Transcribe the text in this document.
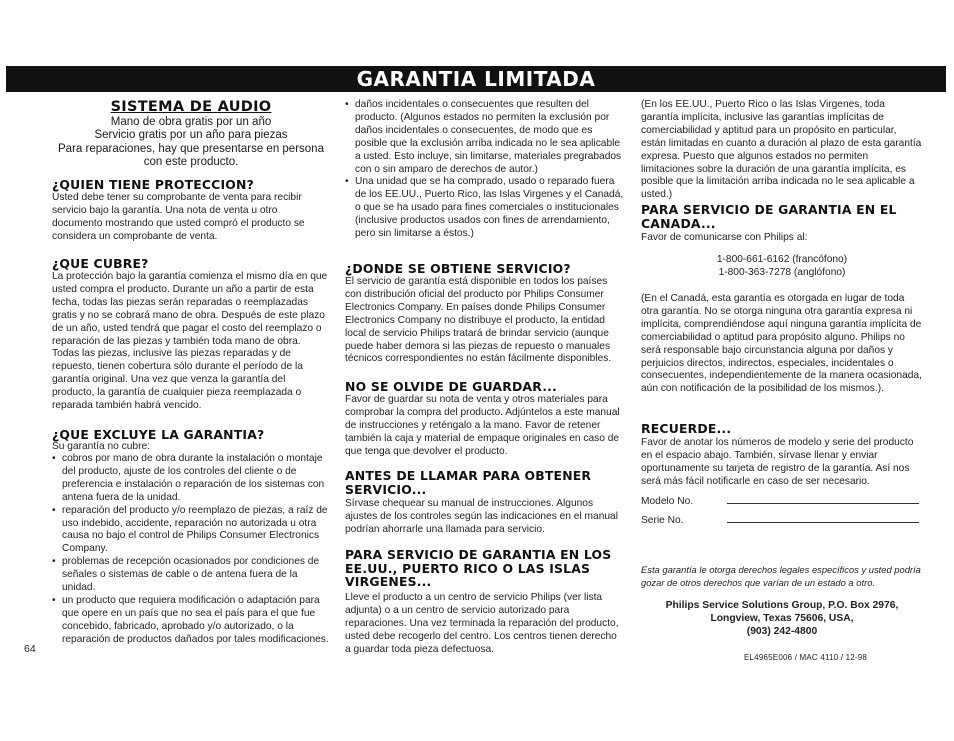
GARANTIA LIMITADA
SISTEMA DE AUDIO
Mano de obra gratis por un año
Servicio gratis por un año para piezas
Para reparaciones, hay que presentarse en persona
con este producto.
¿QUIEN TIENE PROTECCION?
Usted debe tener su comprobante de venta para recibir servicio bajo la garantía. Una nota de venta u otro documento mostrando que usted compró el producto se considera un comprobante de venta.
¿QUE CUBRE?
La protección bajo la garantía comienza el mismo día en que usted compra el producto. Durante un año a partir de esta fecha, todas las piezas serán reparadas o reemplazadas gratis y no se cobrará mano de obra. Después de este plazo de un año, usted tendrá que pagar el costo del reemplazo o reparación de las piezas y también toda mano de obra. Todas las piezas, inclusive las piezas reparadas y de repuesto, tienen cobertura sólo durante el período de la garantía original. Una vez que venza la garantía del producto, la garantía de cualquier pieza reemplazada o reparada también habrá vencido.
¿QUE EXCLUYE LA GARANTIA?
Su garantía no cubre:
• cobros por mano de obra durante la instalación o montaje del producto, ajuste de los controles del cliente o de preferencia e instalación o reparación de los sistemas con antena fuera de la unidad.
• reparación del producto y/o reemplazo de piezas, a raíz de uso indebido, accidente, reparación no autorizada u otra causa no bajo el control de Philips Consumer Electronics Company.
• problemas de recepción ocasionados por condiciones de señales o sistemas de cable o de antena fuera de la unidad.
• un producto que requiera modificación o adaptación para que opere en un país que no sea el país para el que fue concebido, fabricado, aprobado y/o autorizado, o la reparación de productos dañados por tales modificaciones.
64
• daños incidentales o consecuentes que resulten del producto. (Algunos estados no permiten la exclusión por daños incidentales o consecuentes, de modo que es posible que la exclusión arriba indicada no le sea aplicable a usted. Esto incluye, sin limitarse, materiales pregrabados con o sin amparo de derechos de autor.)
• Una unidad que se ha comprado, usado o reparado fuera de los EE.UU., Puerto Rico, las Islas Virgenes y el Canadá, o que se ha usado para fines comerciales o institucionales (inclusive productos usados con fines de arrendamiento, pero sin limitarse a éstos.)
¿DONDE SE OBTIENE SERVICIO?
El servicio de garantía está disponible en todos los países con distribución oficial del producto por Philips Consumer Electronics Company. En países donde Philips Consumer Electronics Company no distribuye el producto, la entidad local de servicio Philips tratará de brindar servicio (aunque puede haber demora si las piezas de repuesto o manuales técnicos correspondientes no están fácilmente disponibles.
NO SE OLVIDE DE GUARDAR...
Favor de guardar su nota de venta y otros materiales para comprobar la compra del producto. Adjúntelos a este manual de instrucciones y reténgalo a la mano. Favor de retener también la caja y material de empaque originales en caso de que tenga que devolver el producto.
ANTES DE LLAMAR PARA OBTENER SERVICIO...
Sírvase chequear su manual de instrucciones. Algunos ajustes de los controles según las indicaciones en el manual podrían ahorrarle una llamada para servicio.
PARA SERVICIO DE GARANTIA EN LOS EE.UU., PUERTO RICO O LAS ISLAS VIRGENES...
Lleve el producto a un centro de servicio Philips (ver lista adjunta) o a un centro de servicio autorizado para reparaciones. Una vez terminada la reparación del producto, usted debe recogerlo del centro. Los centros tienen derecho a guardar toda pieza defectuosa.
(En los EE.UU., Puerto Rico o las Islas Virgenes, toda garantía implícita, inclusive las garantías implícitas de comerciabilidad y aptitud para un propósito en particular, están limitadas en cuanto a duración al plazo de esta garantía expresa. Puesto que algunos estados no permiten limitaciones sobre la duración de una garantía implícita, es posible que la limitación arriba indicada no le sea aplicable a usted.)
PARA SERVICIO DE GARANTIA EN EL CANADA...
Favor de comunicarse con Philips al:
1-800-661-6162 (francófono)
1-800-363-7278 (anglófono)
(En el Canadá, esta garantía es otorgada en lugar de toda otra garantía. No se otorga ninguna otra garantía expresa ni implícita, comprendiéndose aquí ninguna garantía implícita de comerciabilidad o aptitud para propósito alguno. Philips no será responsable bajo circunstancia alguna por daños y perjuicios directos, indirectos, especiales, incidentales o consecuentes, independientemente de la manera ocasionada, aún con notificación de la posibilidad de los mismos.).
RECUERDE...
Favor de anotar los números de modelo y serie del producto en el espacio abajo. También, sírvase llenar y enviar oportunamente su tarjeta de registro de la garantía. Así nos será más fácil notificarle en caso de ser necesario.
Modelo No.
Serie No.
Esta garantía le otorga derechos legales específicos y usted podría gozar de otros derechos que varían de un estado a otro.
Philips Service Solutions Group, P.O. Box 2976,
Longview, Texas 75606, USA,
(903) 242-4800
EL4965E006 / MAC 4110 / 12-98
